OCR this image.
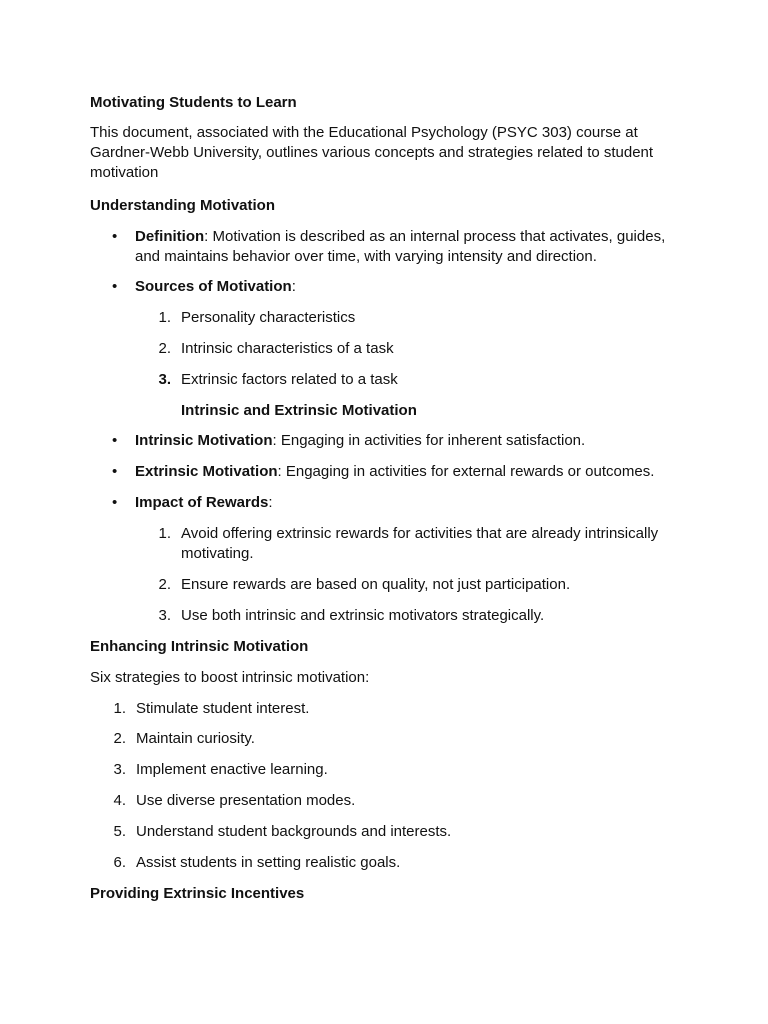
Motivating Students to Learn
This document, associated with the Educational Psychology (PSYC 303) course at Gardner-Webb University, outlines various concepts and strategies related to student motivation
Understanding Motivation
• Definition: Motivation is described as an internal process that activates, guides, and maintains behavior over time, with varying intensity and direction.
• Sources of Motivation:
1. Personality characteristics
2. Intrinsic characteristics of a task
3. Extrinsic factors related to a task
Intrinsic and Extrinsic Motivation
• Intrinsic Motivation: Engaging in activities for inherent satisfaction.
• Extrinsic Motivation: Engaging in activities for external rewards or outcomes.
• Impact of Rewards:
1. Avoid offering extrinsic rewards for activities that are already intrinsically motivating.
2. Ensure rewards are based on quality, not just participation.
3. Use both intrinsic and extrinsic motivators strategically.
Enhancing Intrinsic Motivation
Six strategies to boost intrinsic motivation:
1. Stimulate student interest.
2. Maintain curiosity.
3. Implement enactive learning.
4. Use diverse presentation modes.
5. Understand student backgrounds and interests.
6. Assist students in setting realistic goals.
Providing Extrinsic Incentives
